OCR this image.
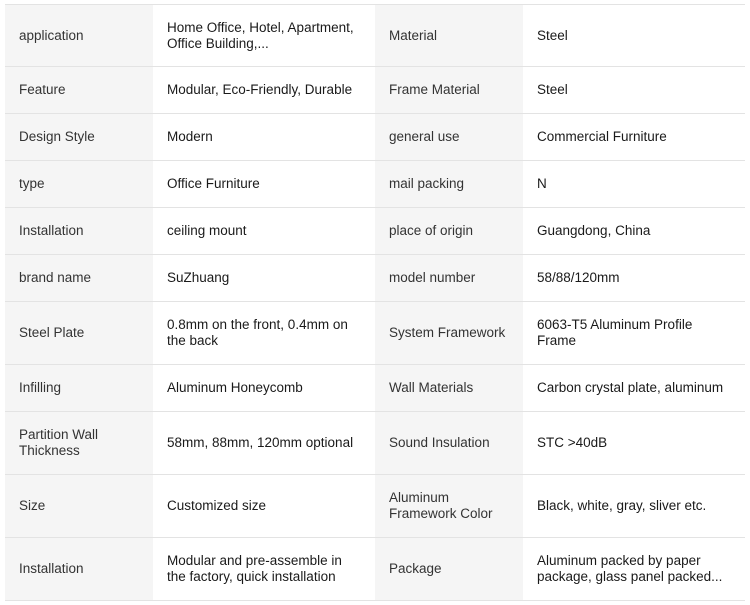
application	Home Office, Hotel, Apartment, Office Building,...	Material	Steel

Feature	Modular, Eco-Friendly, Durable	Frame Material	Steel

Design Style	Modern	general use	Commercial Furniture

type	Office Furniture	mail packing	N

Installation	ceiling mount	place of origin	Guangdong, China

brand name	SuZhuang	model number	58/88/120mm

Steel Plate	0.8mm on the front, 0.4mm on the back	System Framework	6063-T5 Aluminum Profile Frame

Infilling	Aluminum Honeycomb	Wall Materials	Carbon crystal plate, aluminum

Partition Wall Thickness	58mm, 88mm, 120mm optional	Sound Insulation	STC >40dB

Size	Customized size	Aluminum Framework Color	Black, white, gray, sliver etc.

Installation	Modular and pre-assemble in the factory, quick installation	Package	Aluminum packed by paper package, glass panel packed...
